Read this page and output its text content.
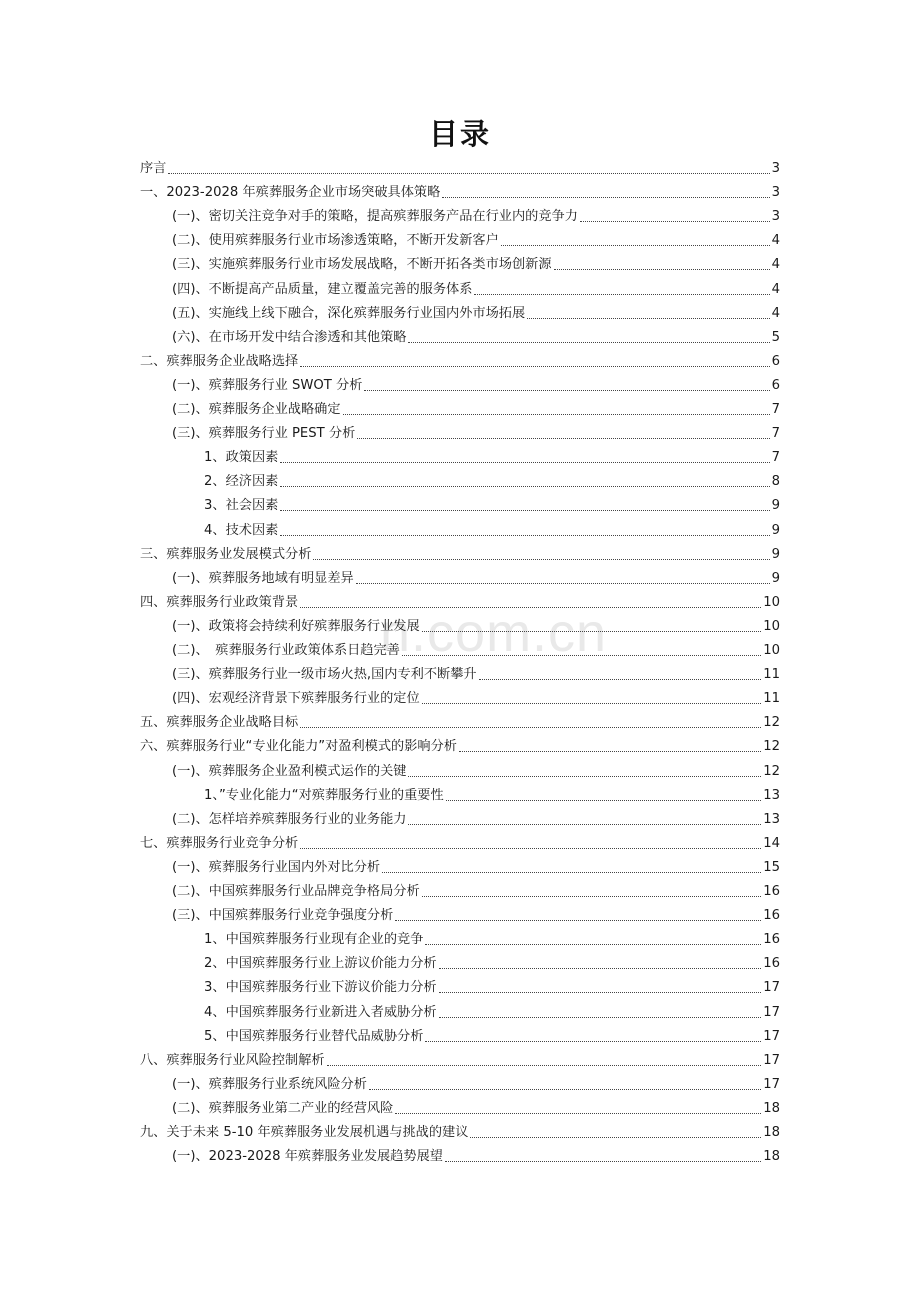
目录
n.com.cn
序言	3
一、2023-2028 年殡葬服务企业市场突破具体策略	3
(一)、密切关注竞争对手的策略，提高殡葬服务产品在行业内的竞争力	3
(二)、使用殡葬服务行业市场渗透策略，不断开发新客户	4
(三)、实施殡葬服务行业市场发展战略，不断开拓各类市场创新源	4
(四)、不断提高产品质量，建立覆盖完善的服务体系	4
(五)、实施线上线下融合，深化殡葬服务行业国内外市场拓展	4
(六)、在市场开发中结合渗透和其他策略	5
二、殡葬服务企业战略选择	6
(一)、殡葬服务行业 SWOT 分析	6
(二)、殡葬服务企业战略确定	7
(三)、殡葬服务行业 PEST 分析	7
1、政策因素	7
2、经济因素	8
3、社会因素	9
4、技术因素	9
三、殡葬服务业发展模式分析	9
(一)、殡葬服务地域有明显差异	9
四、殡葬服务行业政策背景	10
(一)、政策将会持续利好殡葬服务行业发展	10
(二)、　殡葬服务行业政策体系日趋完善	10
(三)、殡葬服务行业一级市场火热,国内专利不断攀升	11
(四)、宏观经济背景下殡葬服务行业的定位	11
五、殡葬服务企业战略目标	12
六、殡葬服务行业“专业化能力”对盈利模式的影响分析	12
(一)、殡葬服务企业盈利模式运作的关键	12
1、”专业化能力“对殡葬服务行业的重要性	13
(二)、怎样培养殡葬服务行业的业务能力	13
七、殡葬服务行业竞争分析	14
(一)、殡葬服务行业国内外对比分析	15
(二)、中国殡葬服务行业品牌竞争格局分析	16
(三)、中国殡葬服务行业竞争强度分析	16
1、中国殡葬服务行业现有企业的竞争	16
2、中国殡葬服务行业上游议价能力分析	16
3、中国殡葬服务行业下游议价能力分析	17
4、中国殡葬服务行业新进入者威胁分析	17
5、中国殡葬服务行业替代品威胁分析	17
八、殡葬服务行业风险控制解析	17
(一)、殡葬服务行业系统风险分析	17
(二)、殡葬服务业第二产业的经营风险	18
九、关于未来 5-10 年殡葬服务业发展机遇与挑战的建议	18
(一)、2023-2028 年殡葬服务业发展趋势展望	18
